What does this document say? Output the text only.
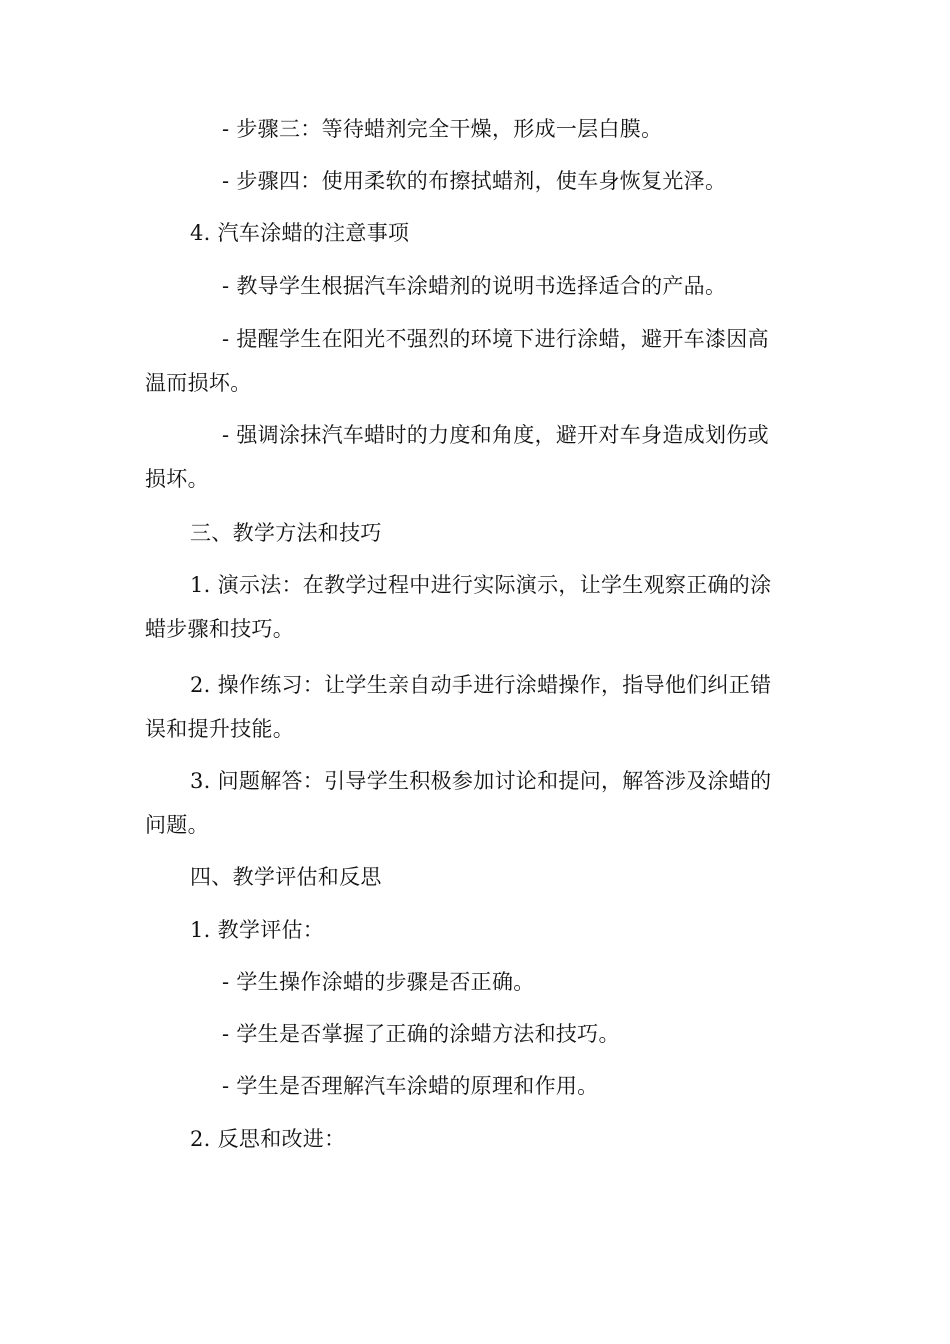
- 步骤三：等待蜡剂完全干燥，形成一层白膜。
- 步骤四：使用柔软的布擦拭蜡剂，使车身恢复光泽。
4. 汽车涂蜡的注意事项
- 教导学生根据汽车涂蜡剂的说明书选择适合的产品。
- 提醒学生在阳光不强烈的环境下进行涂蜡，避开车漆因高
温而损坏。
- 强调涂抹汽车蜡时的力度和角度，避开对车身造成划伤或
损坏。
三、教学方法和技巧
1. 演示法：在教学过程中进行实际演示，让学生观察正确的涂
蜡步骤和技巧。
2. 操作练习：让学生亲自动手进行涂蜡操作，指导他们纠正错
误和提升技能。
3. 问题解答：引导学生积极参加讨论和提问，解答涉及涂蜡的
问题。
四、教学评估和反思
1. 教学评估：
- 学生操作涂蜡的步骤是否正确。
- 学生是否掌握了正确的涂蜡方法和技巧。
- 学生是否理解汽车涂蜡的原理和作用。
2. 反思和改进：
